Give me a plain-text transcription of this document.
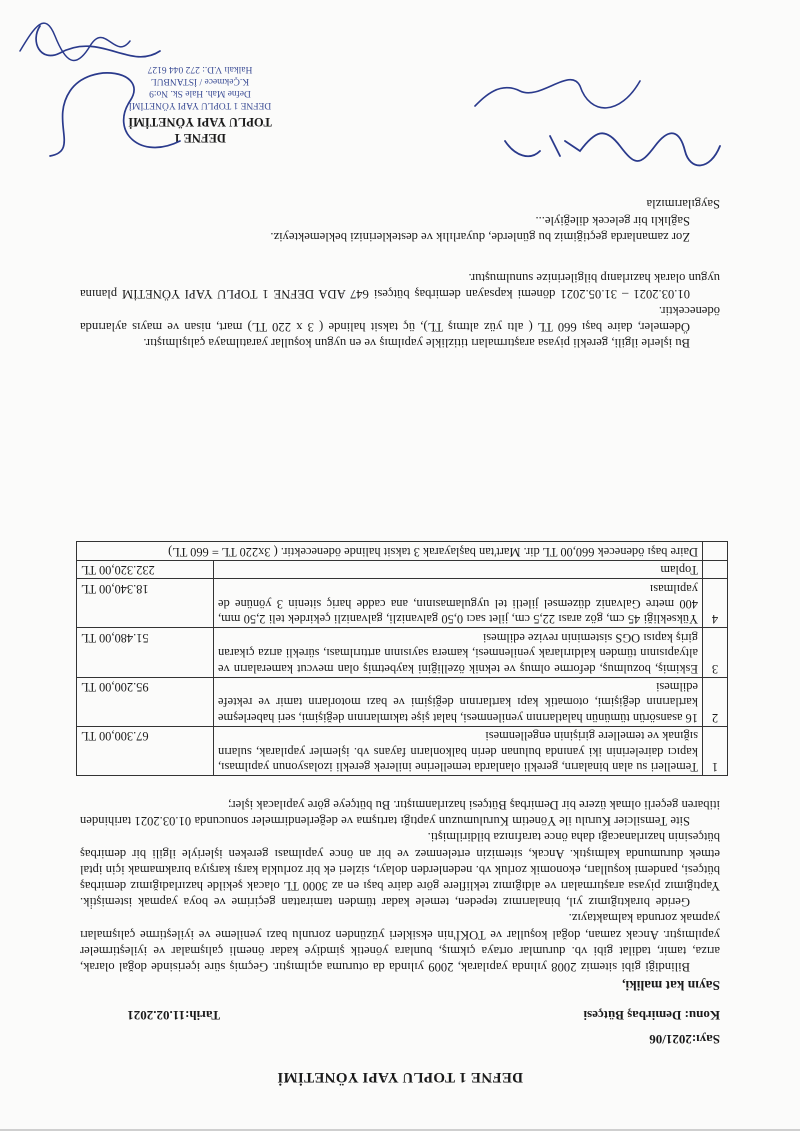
DEFNE 1 TOPLU YAPI YÖNETİMİ
Sayı:2021/06
Konu: Demirbaş Bütçesi
Tarih:11.02.2021
Sayın kat maliki,

Bilindiği gibi sitemiz 2008 yılında yapılarak, 2009 yılında da oturuma açılmıştır. Geçmiş süre içerisinde doğal olarak, arıza, tamir, tadilat gibi vb. durumlar ortaya çıkmış, bunlara yönetik şimdiye kadar önemli çalışmalar ve iyileştirmeler yapılmıştır. Ancak zaman, doğal koşullar ve TOKİ'nin eksikleri yüzünden zorunlu bazı yenileme ve iyileştirme çalışmaları yapmak zorunda kalmaktayız.

Geride bıraktığımız yıl, binalarımız tepeden, temele kadar tümden tamirattan geçirime ve boya yapmak istemişti̇k. Yaptığımız piyasa araştırmaları ve aldığımız tekliflere göre daire başı en az 3000 TL olacak şekilde hazırladığımız demirbaş bütçesi, pandemi koşulları, ekonomik zorluk vb. nedenlerden dolayı, sizleri ek bir zorlukla karşı karşıya bırakmamak için iptal etmek durumunda kalmıştık. Ancak, sitemizin ertelenmez ve bir an önce yapılması gereken işleriyle ilgili bir demirbaş bütçesinin hazırlanacağı daha önce tarafınıza bildirilmişti.

Site Temsilcier Kurulu ile Yönetim Kurulumuzun yaptığı tartışma ve değerlendirmeler sonucunda 01.03.2021 tarihinden itibaren geçerli olmak üzere bir Demirbaş Bütçesi hazırlanmıştır. Bu bütçeye göre yapılacak işler;

1	Temelleri su alan binaların, gerekli olanlarda temellerine inilerek gerekli izolasyonun yapılması, kapıcı dairelerinin iki yanında bulunan derin balkonların fayans vb. işlemler yapılarak, suların sığınak ve temellere girişinin engellenmesi	67.300,00 TL
2	16 asansörün tümünün halatlarının yenilenmesi, halat şişe takımlarının değişimi, seri haberleşme kartlarının değişimi, otomatik kapı kartlarının değişimi ve bazı motorların tamir ve rektefe edilmesi	95.200,00 TL
3	Eskimiş, bozulmuş, deforme olmuş ve teknik özelliğini kaybetmiş olan mevcut kameraların ve altyapısının tümden kaldırılarak yenilenmesi, kamera sayısının arttırılması, sürekli arıza çıkaran giriş kapısı OGS sisteminin revize edilmesi	51.480,00 TL
4	Yüksekliği 45 cm, göz arası 22,5 cm, jilet sacı 0,50 galvanizli, galvanizli çekirdek teli 2,50 mm, 400 metre Galvaniz düzemsel jiletli tel uygulamasının, ana cadde hariç sitenin 3 yönüne de yapılması	18.340,00 TL
	Toplam	232.320,00 TL
	Daire başı ödenecek 660,00 TL dir. Mart'tan başlayarak 3 taksit halinde ödenecektir. ( 3x220 TL = 660 TL)	

Bu işlerle ilgili, gerekli piyasa araştırmaları titizlikle yapılmış ve en uygun koşullar yaratılmaya çalışılmıştır.

Ödemeler, daire başı 660 TL ( altı yüz altmış TL), üç taksit halinde ( 3 x 220 TL) mart, nisan ve mayıs aylarında ödenecektir.

01.03.2021 – 31.05.2021 dönemi kapsayan demirbaş bütçesi 647 ADA DEFNE 1 TOPLU YAPI YÖNETİM planına uygun olarak hazırlanıp bilgilerinize sunulmuştur.

Zor zamanlarda geçtiğimiz bu günlerde, duyarlılık ve desteklerinizi beklemekteyiz.
Sağlıklı bir gelecek dileğiyle...
Saygılarımızla
DEFNE 1
TOPLU YAPI YÖNETİMİ
DEFNE 1 TOPLU YAPI YÖNETİMİ
Defne Mah. Hale Sk. No:9
K.Çekmece / İSTANBUL
Halkalı V.D.: 272 044 6127
